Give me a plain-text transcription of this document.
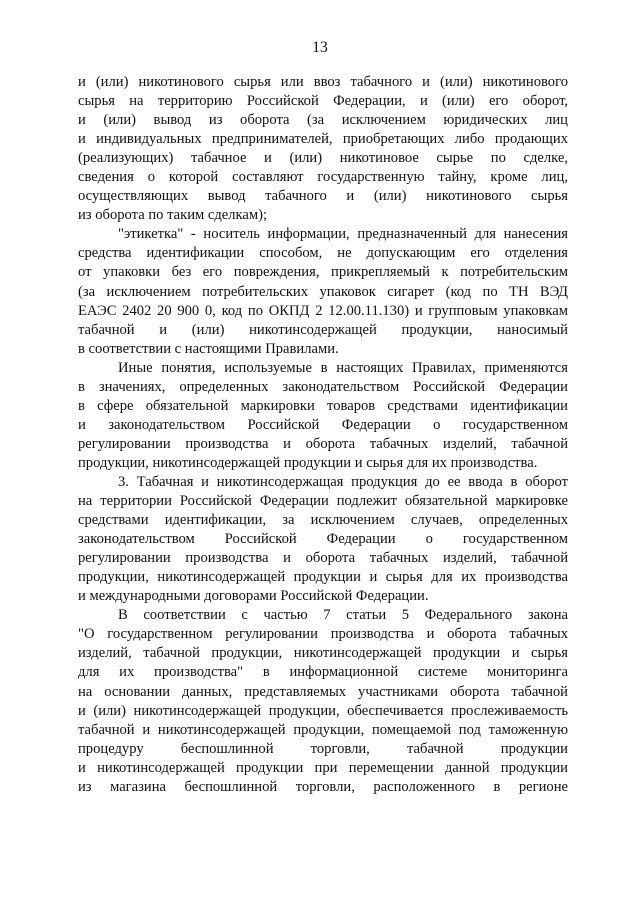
13
и (или) никотинового сырья или ввоз табачного и (или) никотинового
сырья на территорию Российской Федерации, и (или) его оборот,
и (или) вывод из оборота (за исключением юридических лиц
и индивидуальных предпринимателей, приобретающих либо продающих
(реализующих) табачное и (или) никотиновое сырье по сделке,
сведения о которой составляют государственную тайну, кроме лиц,
осуществляющих вывод табачного и (или) никотинового сырья
из оборота по таким сделкам);
"этикетка" - носитель информации, предназначенный для нанесения
средства идентификации способом, не допускающим его отделения
от упаковки без его повреждения, прикрепляемый к потребительским
(за исключением потребительских упаковок сигарет (код по ТН ВЭД
ЕАЭС 2402 20 900 0, код по ОКПД 2 12.00.11.130) и групповым упаковкам
табачной и (или) никотинсодержащей продукции, наносимый
в соответствии с настоящими Правилами.
Иные понятия, используемые в настоящих Правилах, применяются
в значениях, определенных законодательством Российской Федерации
в сфере обязательной маркировки товаров средствами идентификации
и законодательством Российской Федерации о государственном
регулировании производства и оборота табачных изделий, табачной
продукции, никотинсодержащей продукции и сырья для их производства.
3. Табачная и никотинсодержащая продукция до ее ввода в оборот
на территории Российской Федерации подлежит обязательной маркировке
средствами идентификации, за исключением случаев, определенных
законодательством Российской Федерации о государственном
регулировании производства и оборота табачных изделий, табачной
продукции, никотинсодержащей продукции и сырья для их производства
и международными договорами Российской Федерации.
В соответствии с частью 7 статьи 5 Федерального закона
"О государственном регулировании производства и оборота табачных
изделий, табачной продукции, никотинсодержащей продукции и сырья
для их производства" в информационной системе мониторинга
на основании данных, представляемых участниками оборота табачной
и (или) никотинсодержащей продукции, обеспечивается прослеживаемость
табачной и никотинсодержащей продукции, помещаемой под таможенную
процедуру беспошлинной торговли, табачной продукции
и никотинсодержащей продукции при перемещении данной продукции
из магазина беспошлинной торговли, расположенного в регионе
